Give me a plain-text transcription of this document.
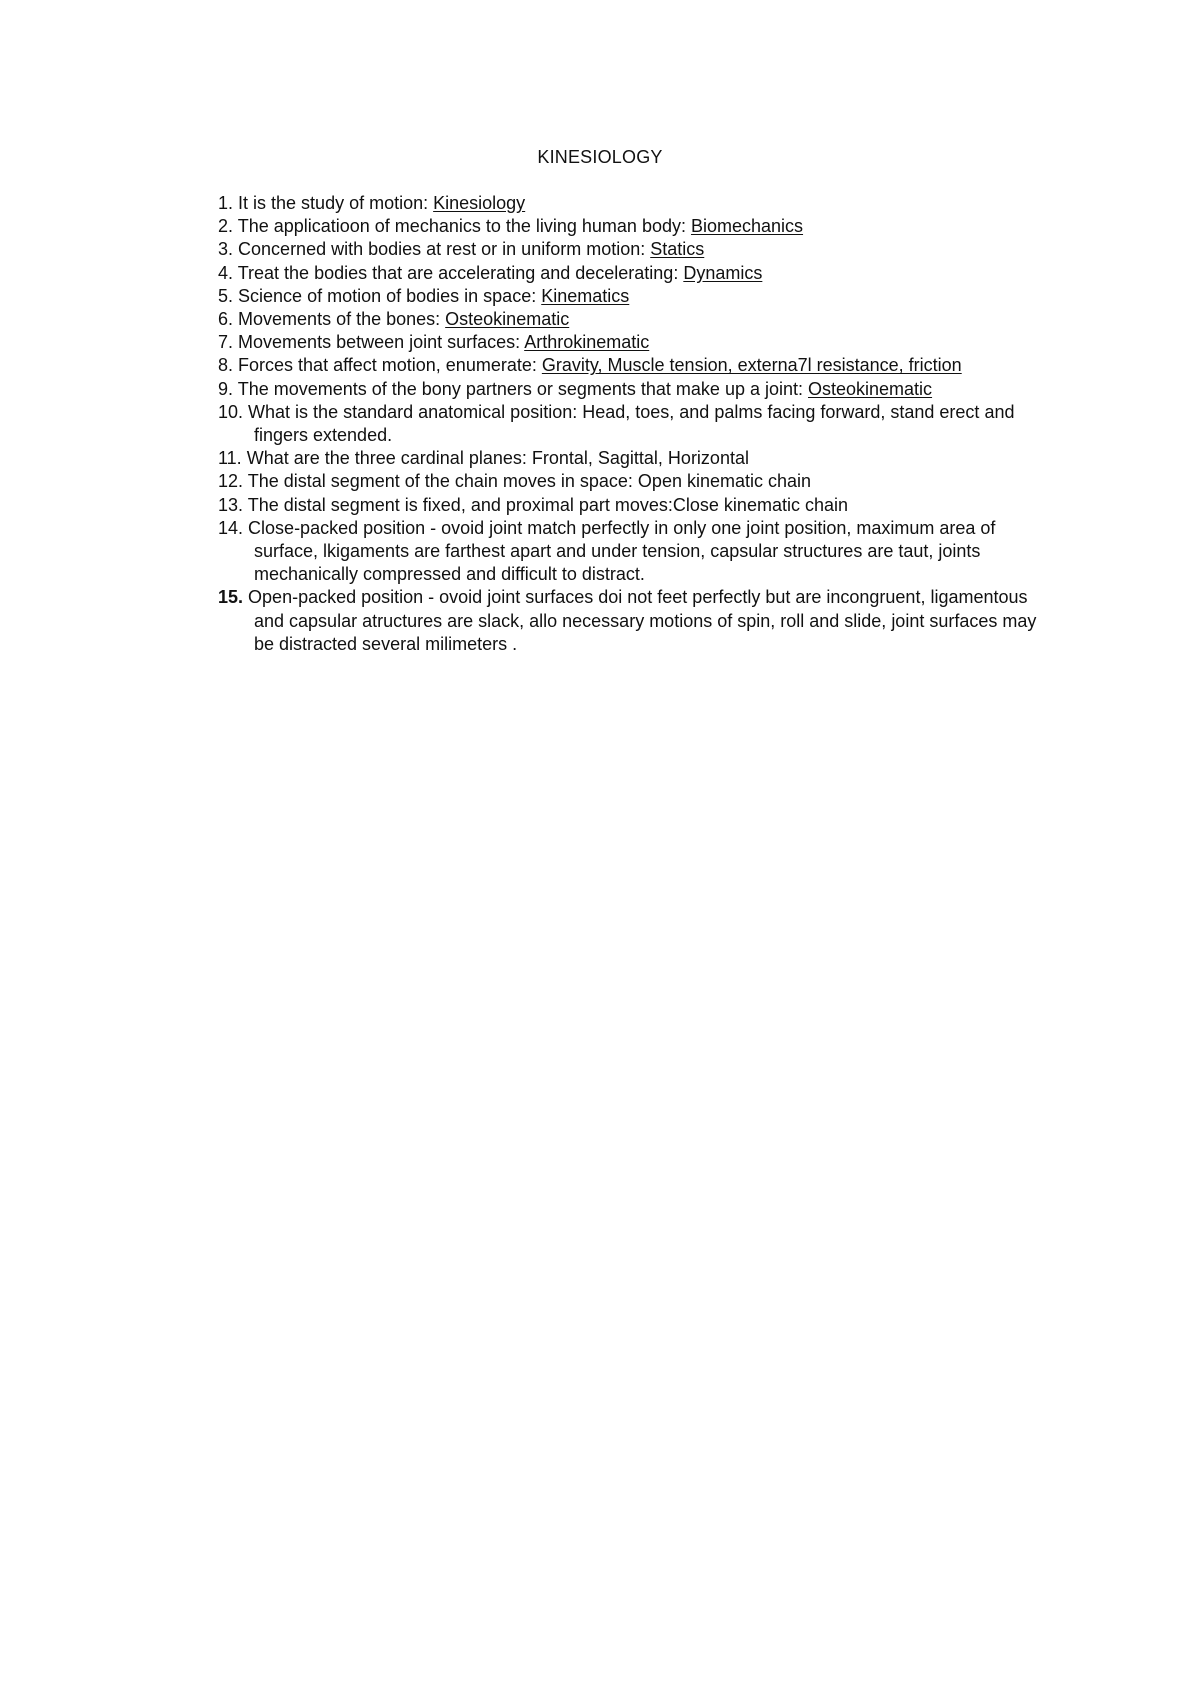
KINESIOLOGY
1. It is the study of motion: Kinesiology
2. The applicatioon of mechanics to the living human body: Biomechanics
3. Concerned with bodies at rest or in uniform motion: Statics
4. Treat the bodies that are accelerating and decelerating: Dynamics
5. Science of motion of bodies in space: Kinematics
6. Movements of the bones: Osteokinematic
7. Movements between joint surfaces: Arthrokinematic
8. Forces that affect motion, enumerate: Gravity, Muscle tension, externa7l resistance, friction
9. The movements of the bony partners or segments that make up a joint: Osteokinematic
10. What is the standard anatomical position: Head, toes, and palms facing forward, stand erect and fingers extended.
11. What are the three cardinal planes: Frontal, Sagittal, Horizontal
12. The distal segment of the chain moves in space: Open kinematic chain
13. The distal segment is fixed, and proximal part moves:Close kinematic chain
14. Close-packed position - ovoid joint match perfectly in only one joint position, maximum area of surface, lkigaments are farthest apart and under tension, capsular structures are taut, joints mechanically compressed and difficult to distract.
15. Open-packed position - ovoid joint surfaces doi not feet perfectly but are incongruent, ligamentous and capsular atructures are slack, allo necessary motions of spin, roll and slide, joint surfaces may be distracted several milimeters .
